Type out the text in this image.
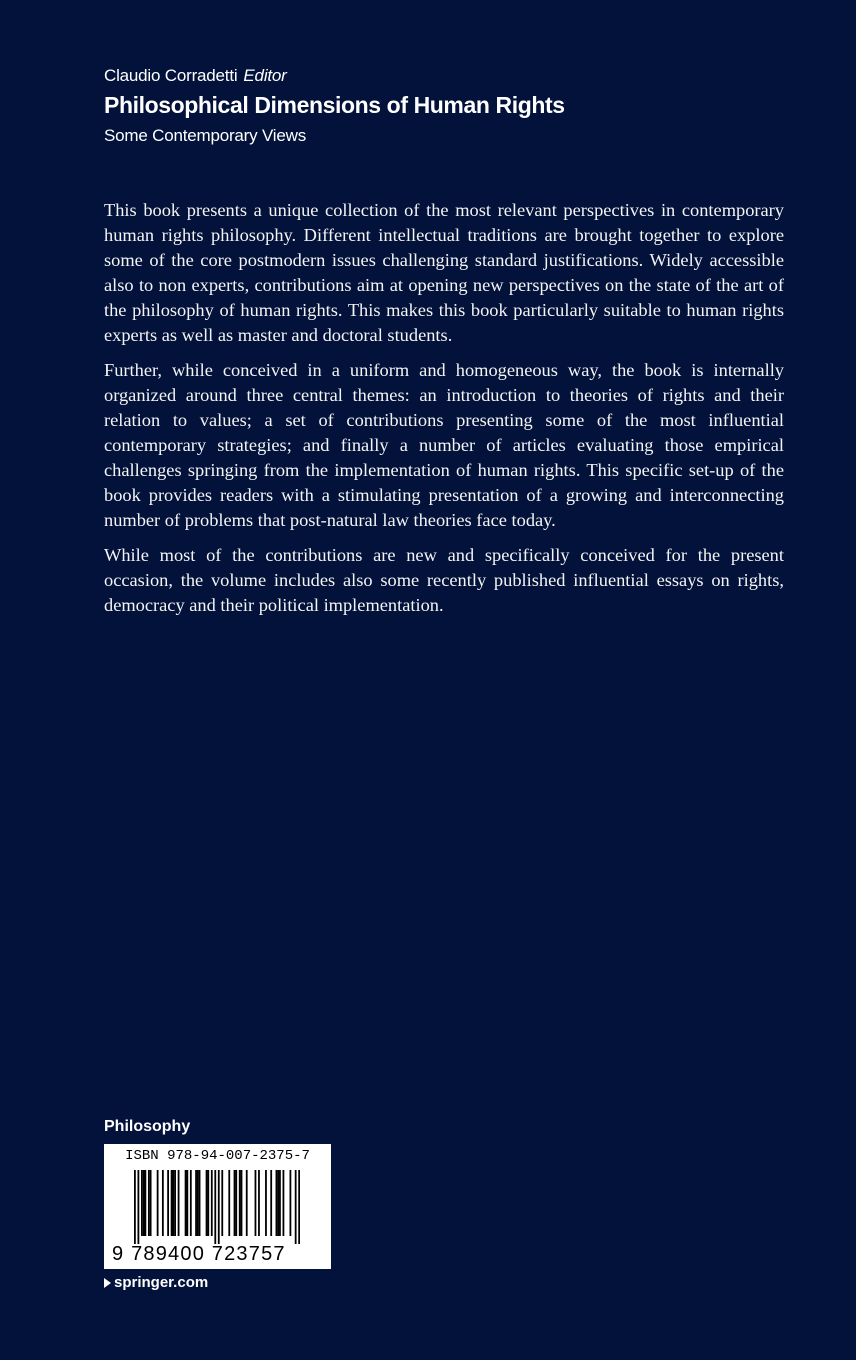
Claudio Corradetti Editor
Philosophical Dimensions of Human Rights
Some Contemporary Views

This book presents a unique collection of the most relevant perspectives in contemporary human rights philosophy. Different intellectual traditions are brought together to explore some of the core postmodern issues challenging standard justifications. Widely accessible also to non experts, contributions aim at opening new perspectives on the state of the art of the philosophy of human rights. This makes this book particularly suitable to human rights experts as well as master and doctoral students.

Further, while conceived in a uniform and homogeneous way, the book is internally organized around three central themes: an introduction to theories of rights and their relation to values; a set of contributions presenting some of the most influential contemporary strategies; and finally a number of articles evaluating those empirical challenges springing from the implementation of human rights. This specific set-up of the book provides readers with a stimulating presentation of a growing and interconnecting number of problems that post-natural law theories face today.

While most of the contributions are new and specifically conceived for the present occasion, the volume includes also some recently published influential essays on rights, democracy and their political implementation.

Philosophy
ISBN 978-94-007-2375-7
9 789400 723757
springer.com
